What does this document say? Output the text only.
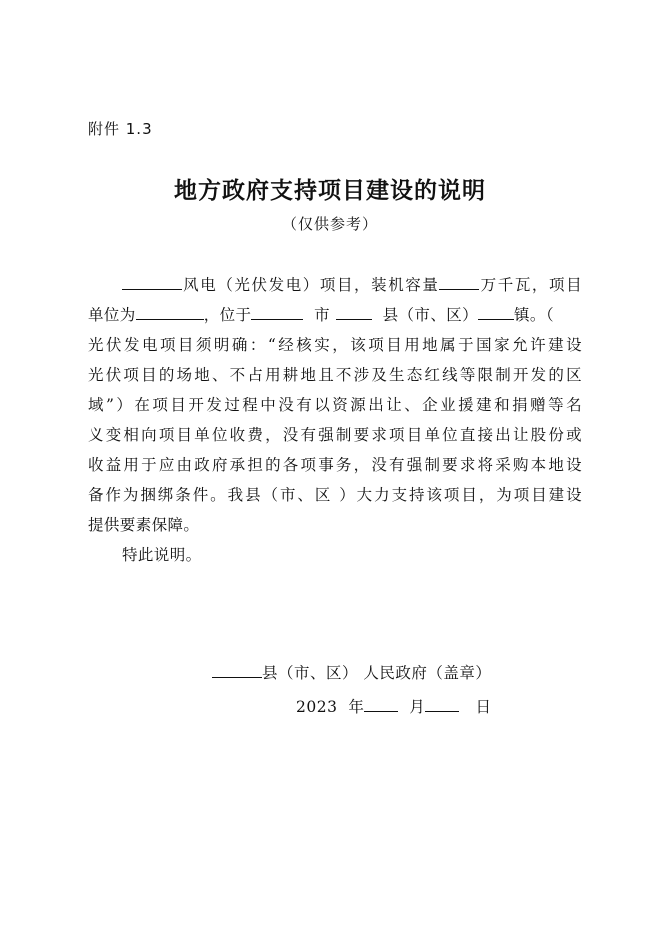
附件 1.3
地方政府支持项目建设的说明
（仅供参考）
风电（光伏发电）项目，装机容量	万千瓦，项目
单位为	，位于	市	县（市、区） 镇。（
光伏发电项目须明确：“经核实，该项目用地属于国家允许建设
光伏项目的场地、不占用耕地且不涉及生态红线等限制开发的区
域”）在项目开发过程中没有以资源出让、企业援建和捐赠等名
义变相向项目单位收费，没有强制要求项目单位直接出让股份或
收益用于应由政府承担的各项事务，没有强制要求将采购本地设
备作为捆绑条件。我县（市、区 ）大力支持该项目，为项目建设
提供要素保障。
特此说明。
县（市、区） 人民政府（盖章）
2023 年	月	日
